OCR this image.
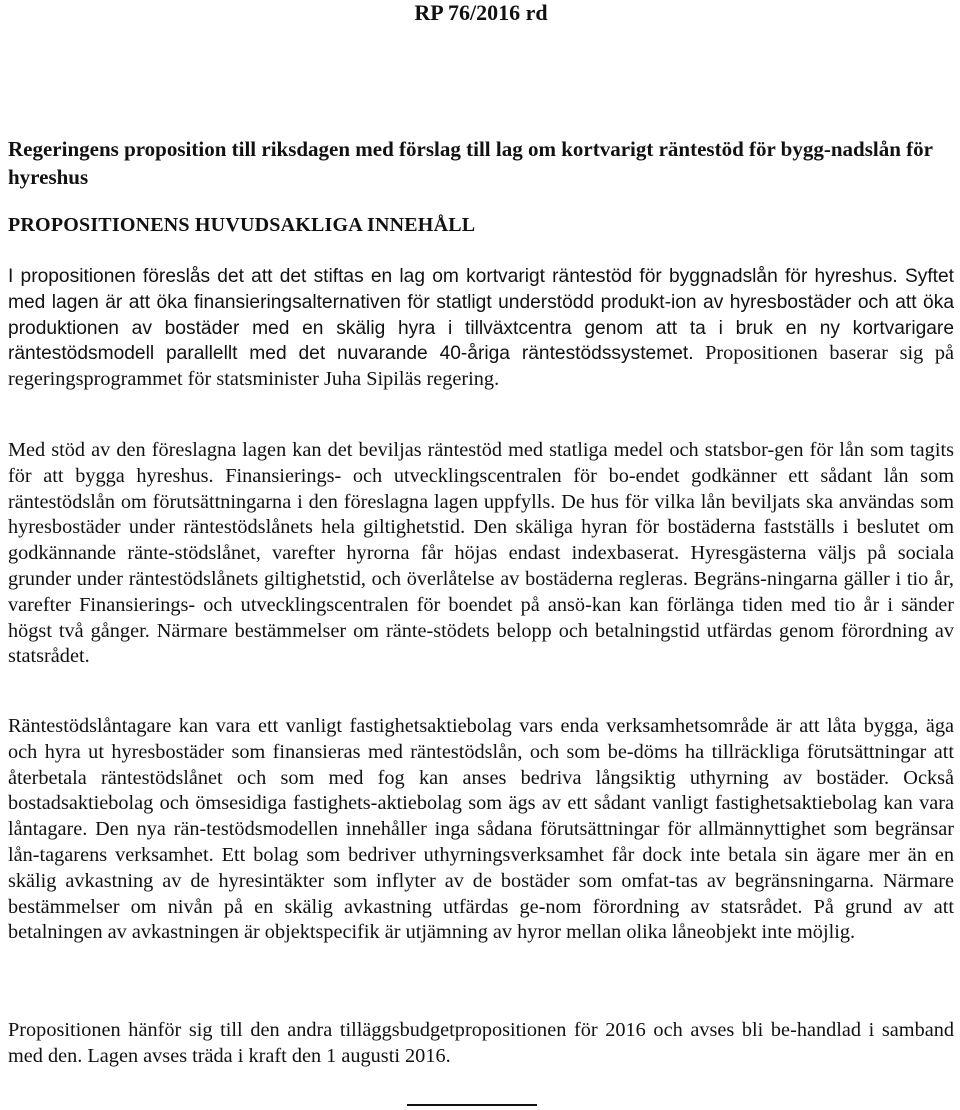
RP 76/2016 rd
Regeringens proposition till riksdagen med förslag till lag om kortvarigt räntestöd för bygg-nadslån för hyreshus
PROPOSITIONENS HUVUDSAKLIGA INNEHÅLL

I propositionen föreslås det att det stiftas en lag om kortvarigt räntestöd för byggnadslån för hyreshus. Syftet med lagen är att öka finansieringsalternativen för statligt understödd produkt-ion av hyresbostäder och att öka produktionen av bostäder med en skälig hyra i tillväxtcentra genom att ta i bruk en ny kortvarigare räntestödsmodell parallellt med det nuvarande 40-åriga räntestödssystemet. Propositionen baserar sig på regeringsprogrammet för statsminister Juha Sipiläs regering.

Med stöd av den föreslagna lagen kan det beviljas räntestöd med statliga medel och statsbor-gen för lån som tagits för att bygga hyreshus. Finansierings- och utvecklingscentralen för bo-endet godkänner ett sådant lån som räntestödslån om förutsättningarna i den föreslagna lagen uppfylls. De hus för vilka lån beviljats ska användas som hyresbostäder under räntestödslånets hela giltighetstid. Den skäliga hyran för bostäderna fastställs i beslutet om godkännande ränte-stödslånet, varefter hyrorna får höjas endast indexbaserat. Hyresgästerna väljs på sociala grunder under räntestödslånets giltighetstid, och överlåtelse av bostäderna regleras. Begräns-ningarna gäller i tio år, varefter Finansierings- och utvecklingscentralen för boendet på ansö-kan kan förlänga tiden med tio år i sänder högst två gånger. Närmare bestämmelser om ränte-stödets belopp och betalningstid utfärdas genom förordning av statsrådet.

Räntestödslåntagare kan vara ett vanligt fastighetsaktiebolag vars enda verksamhetsområde är att låta bygga, äga och hyra ut hyresbostäder som finansieras med räntestödslån, och som be-döms ha tillräckliga förutsättningar att återbetala räntestödslånet och som med fog kan anses bedriva långsiktig uthyrning av bostäder. Också bostadsaktiebolag och ömsesidiga fastighets-aktiebolag som ägs av ett sådant vanligt fastighetsaktiebolag kan vara låntagare. Den nya rän-testödsmodellen innehåller inga sådana förutsättningar för allmännyttighet som begränsar lån-tagarens verksamhet. Ett bolag som bedriver uthyrningsverksamhet får dock inte betala sin ägare mer än en skälig avkastning av de hyresintäkter som inflyter av de bostäder som omfat-tas av begränsningarna. Närmare bestämmelser om nivån på en skälig avkastning utfärdas ge-nom förordning av statsrådet. På grund av att betalningen av avkastningen är objektspecifik är utjämning av hyror mellan olika låneobjekt inte möjlig.

Propositionen hänför sig till den andra tilläggsbudgetpropositionen för 2016 och avses bli be-handlad i samband med den. Lagen avses träda i kraft den 1 augusti 2016.
